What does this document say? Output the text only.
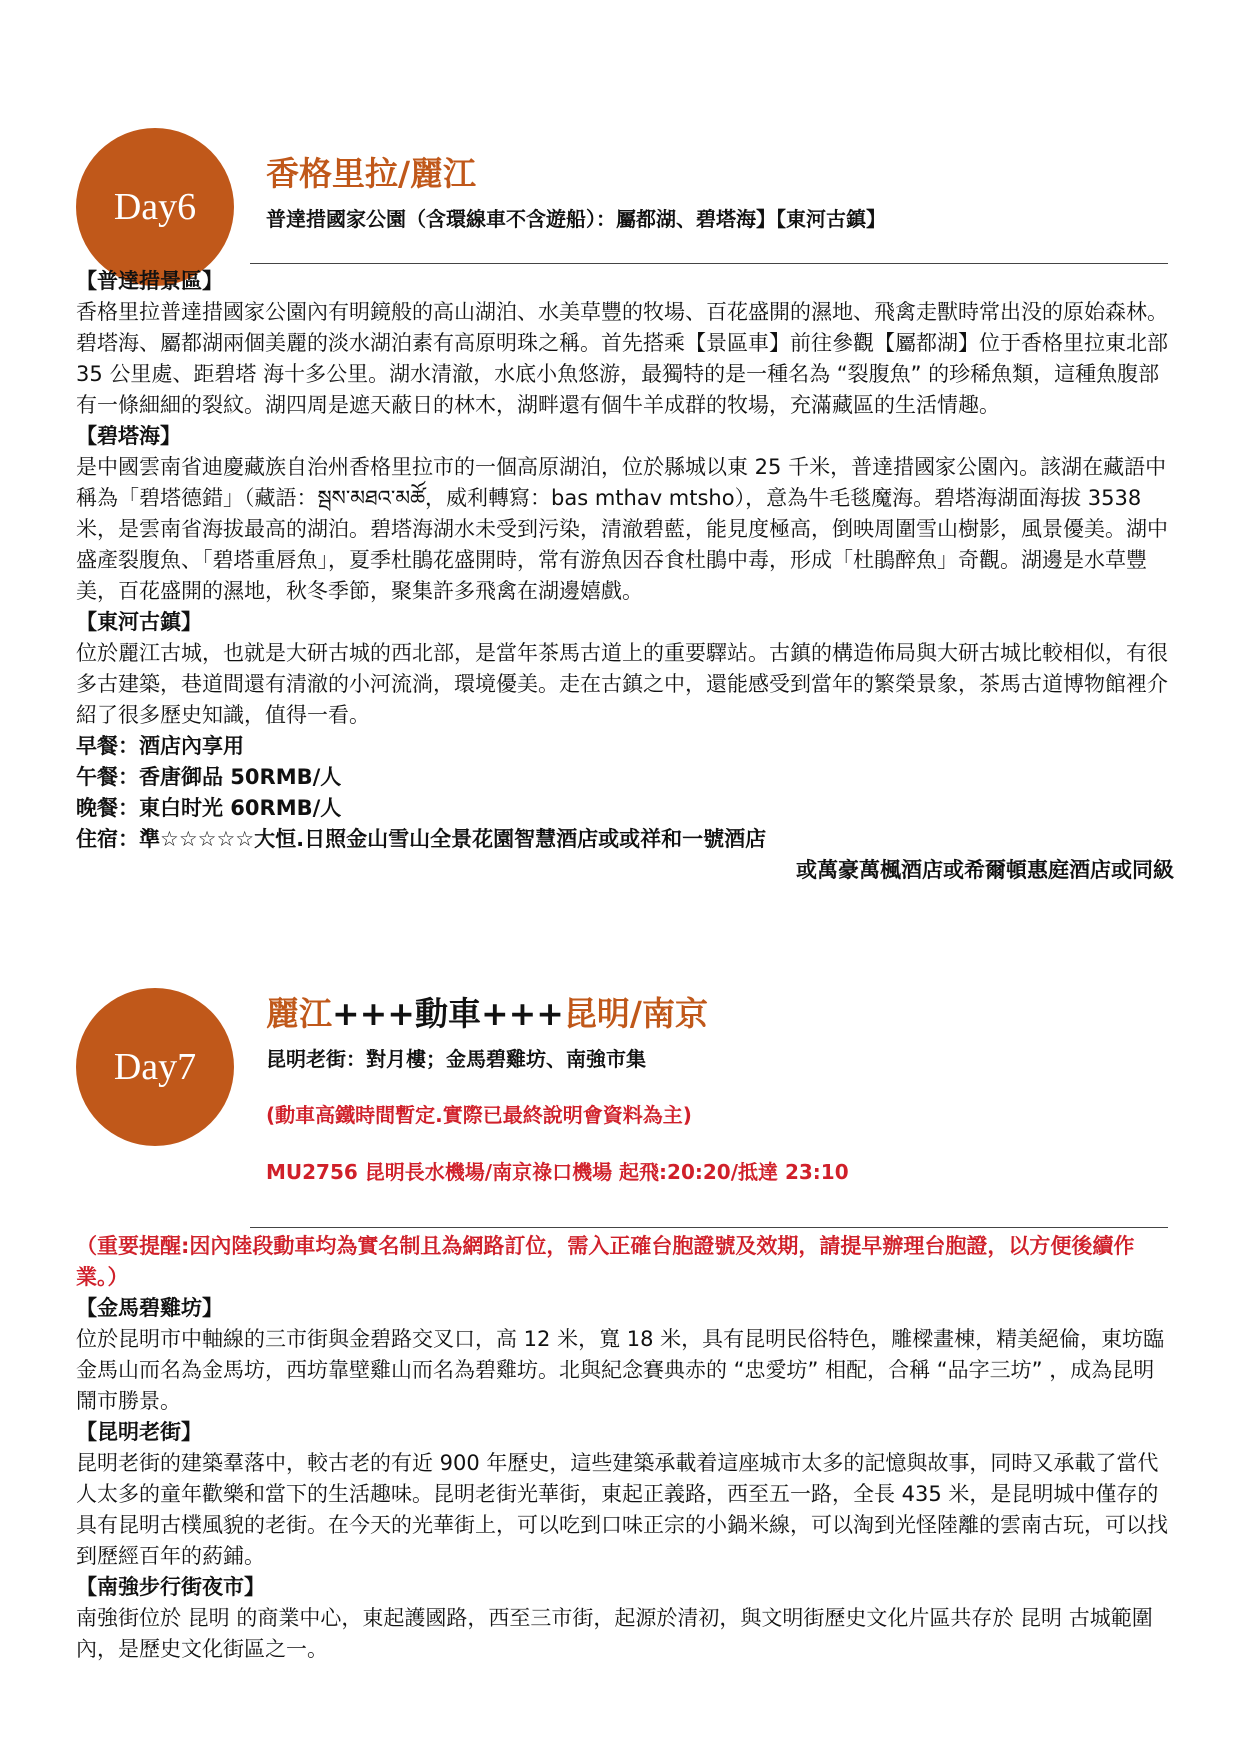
Day6
香格里拉/麗江
普達措國家公園（含環線車不含遊船）：屬都湖、碧塔海】【東河古鎮】

【普達措景區】

香格里拉普達措國家公園內有明鏡般的高山湖泊、水美草豐的牧場、百花盛開的濕地、飛禽走獸時常出没的原始森林。碧塔海、屬都湖兩個美麗的淡水湖泊素有高原明珠之稱。首先搭乘【景區車】前往參觀【屬都湖】位于香格里拉東北部 35 公里處、距碧塔 海十多公里。湖水清澈，水底小魚悠游，最獨特的是一種名為 “裂腹魚” 的珍稀魚類，這種魚腹部有一條細細的裂紋。湖四周是遮天蔽日的林木，湖畔還有個牛羊成群的牧場，充滿藏區的生活情趣。

【碧塔海】

是中國雲南省迪慶藏族自治州香格里拉市的一個高原湖泊，位於縣城以東 25 千米，普達措國家公園內。該湖在藏語中稱為「碧塔德錯」（藏語：སྦས་མཐའ་མཚོ，威利轉寫：bas mthav mtsho），意為牛毛毯魔海。碧塔海湖面海拔 3538 米，是雲南省海拔最高的湖泊。碧塔海湖水未受到污染，清澈碧藍，能見度極高，倒映周圍雪山樹影，風景優美。湖中盛產裂腹魚、「碧塔重唇魚」，夏季杜鵑花盛開時，常有游魚因吞食杜鵑中毒，形成「杜鵑醉魚」奇觀。湖邊是水草豐美，百花盛開的濕地，秋冬季節，聚集許多飛禽在湖邊嬉戲。

【東河古鎮】

位於麗江古城，也就是大研古城的西北部，是當年茶馬古道上的重要驛站。古鎮的構造佈局與大研古城比較相似，有很多古建築，巷道間還有清澈的小河流淌，環境優美。走在古鎮之中，還能感受到當年的繁榮景象，茶馬古道博物館裡介紹了很多歷史知識，值得一看。

早餐：酒店內享用

午餐：香唐御品 50RMB/人

晚餐：東白时光 60RMB/人

住宿：準☆☆☆☆☆大恒.日照金山雪山全景花園智慧酒店或或祥和一號酒店

或萬豪萬楓酒店或希爾頓惠庭酒店或同級

Day7
麗江+++動車+++昆明/南京
昆明老街：對月樓；金馬碧雞坊、南強市集
(動車高鐵時間暫定.實際已最終說明會資料為主)
MU2756 昆明長水機場/南京祿口機場 起飛:20:20/抵達 23:10

（重要提醒:因內陸段動車均為實名制且為網路訂位，需入正確台胞證號及效期，請提早辦理台胞證，以方便後續作業。）

【金馬碧雞坊】

位於昆明市中軸線的三市街與金碧路交叉口，高 12 米，寬 18 米，具有昆明民俗特色，雕樑畫棟，精美絕倫，東坊臨金馬山而名為金馬坊，西坊靠壁雞山而名為碧雞坊。北與紀念賽典赤的 “忠愛坊” 相配，合稱 “品字三坊” ，成為昆明鬧市勝景。

【昆明老街】

昆明老街的建築羣落中，較古老的有近 900 年歷史，這些建築承載着這座城市太多的記憶與故事，同時又承載了當代人太多的童年歡樂和當下的生活趣味。昆明老街光華街，東起正義路，西至五一路，全長 435 米，是昆明城中僅存的具有昆明古樸風貌的老街。在今天的光華街上，可以吃到口味正宗的小鍋米線，可以淘到光怪陸離的雲南古玩，可以找到歷經百年的葯鋪。

【南強步行街夜市】

南強街位於 昆明 的商業中心，東起護國路，西至三市街，起源於清初，與文明街歷史文化片區共存於 昆明 古城範圍內，是歷史文化街區之一。
